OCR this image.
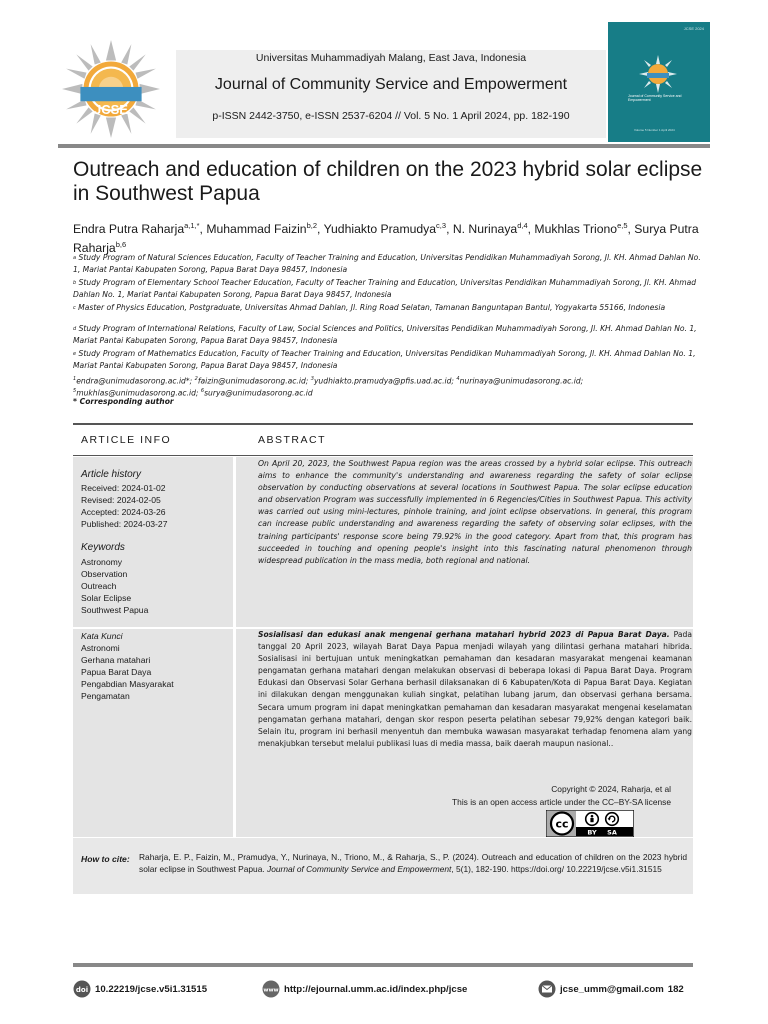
JCSE
Universitas Muhammadiyah Malang, East Java, Indonesia
Journal of Community Service and Empowerment
p-ISSN 2442-3750, e-ISSN 2537-6204 // Vol. 5 No. 1 April 2024, pp. 182-190
JCSE 2024
Journal of Community Service and Empowerment
Volume 5 Number 1 April 2024
Outreach and education of children on the 2023 hybrid solar eclipse in Southwest Papua
Endra Putra Raharja$^{a,1,*}$, Muhammad Faizin$^{b,2}$, Yudhiakto Pramudya$^{c,3}$, N. Nurinaya$^{d,4}$, Mukhlas Triono$^{e,5}$, Surya Putra Raharja$^{b,6}$
$^a$ Study Program of Natural Sciences Education, Faculty of Teacher Training and Education, Universitas Pendidikan Muhammadiyah Sorong, Jl. KH. Ahmad Dahlan No. 1, Mariat Pantai Kabupaten Sorong, Papua Barat Daya 98457, Indonesia
$^b$ Study Program of Elementary School Teacher Education, Faculty of Teacher Training and Education, Universitas Pendidikan Muhammadiyah Sorong, Jl. KH. Ahmad Dahlan No. 1, Mariat Pantai Kabupaten Sorong, Papua Barat Daya 98457, Indonesia
$^c$ Master of Physics Education, Postgraduate, Universitas Ahmad Dahlan, Jl. Ring Road Selatan, Tamanan Banguntapan Bantul, Yogyakarta 55166, Indonesia
$^d$ Study Program of International Relations, Faculty of Law, Social Sciences and Politics, Universitas Pendidikan Muhammadiyah Sorong, Jl. KH. Ahmad Dahlan No. 1, Mariat Pantai Kabupaten Sorong, Papua Barat Daya 98457, Indonesia
$^e$ Study Program of Mathematics Education, Faculty of Teacher Training and Education, Universitas Pendidikan Muhammadiyah Sorong, Jl. KH. Ahmad Dahlan No. 1, Mariat Pantai Kabupaten Sorong, Papua Barat Daya 98457, Indonesia
$^1$endra@unimudasorong.ac.id*; $^2$faizin@unimudasorong.ac.id; $^3$yudhiakto.pramudya@pfis.uad.ac.id; $^4$nurinaya@unimudasorong.ac.id;
$^5$mukhlas@unimudasorong.ac.id; $^6$surya@unimudasorong.ac.id
* Corresponding author
ARTICLE INFO	ABSTRACT
Article history
Received: 2024-01-02
Revised: 2024-02-05
Accepted: 2024-03-26
Published: 2024-03-27
Keywords
Astronomy
Observation
Outreach
Solar Eclipse
Southwest Papua
Kata Kunci
Astronomi
Gerhana matahari
Papua Barat Daya
Pengabdian Masyarakat
Pengamatan
On April 20, 2023, the Southwest Papua region was the areas crossed by a hybrid solar eclipse. This outreach aims to enhance the community's understanding and awareness regarding the safety of solar eclipse observation by conducting observations at several locations in Southwest Papua. The solar eclipse education and observation Program was successfully implemented in 6 Regencies/Cities in Southwest Papua. This activity was carried out using mini-lectures, pinhole training, and joint eclipse observations. In general, this program can increase public understanding and awareness regarding the safety of observing solar eclipses, with the training participants' response score being 79.92% in the good category. Apart from that, this program has succeeded in touching and opening people's insight into this fascinating natural phenomenon through widespread publication in the mass media, both regional and national.
Sosialisasi dan edukasi anak mengenai gerhana matahari hybrid 2023 di Papua Barat Daya. Pada tanggal 20 April 2023, wilayah Barat Daya Papua menjadi wilayah yang dilintasi gerhana matahari hibrida. Sosialisasi ini bertujuan untuk meningkatkan pemahaman dan kesadaran masyarakat mengenai keamanan pengamatan gerhana matahari dengan melakukan observasi di beberapa lokasi di Papua Barat Daya. Program Edukasi dan Observasi Solar Gerhana berhasil dilaksanakan di 6 Kabupaten/Kota di Papua Barat Daya. Kegiatan ini dilakukan dengan menggunakan kuliah singkat, pelatihan lubang jarum, dan observasi gerhana bersama. Secara umum program ini dapat meningkatkan pemahaman dan kesadaran masyarakat mengenai keselamatan pengamatan gerhana matahari, dengan skor respon peserta pelatihan sebesar 79,92% dengan kategori baik. Selain itu, program ini berhasil menyentuh dan membuka wawasan masyarakat terhadap fenomena alam yang menakjubkan tersebut melalui publikasi luas di media massa, baik daerah maupun nasional..
Copyright © 2024, Raharja, et al
This is an open access article under the CC–BY-SA license
cc
BY SA
How to cite: Raharja, E. P., Faizin, M., Pramudya, Y., Nurinaya, N., Triono, M., & Raharja, S., P. (2024). Outreach and education of children on the 2023 hybrid solar eclipse in Southwest Papua. Journal of Community Service and Empowerment, 5(1), 182-190. https://doi.org/ 10.22219/jcse.v5i1.31515
doi 10.22219/jcse.v5i1.31515	www http://ejournal.umm.ac.id/index.php/jcse	jcse_umm@gmail.com 182
